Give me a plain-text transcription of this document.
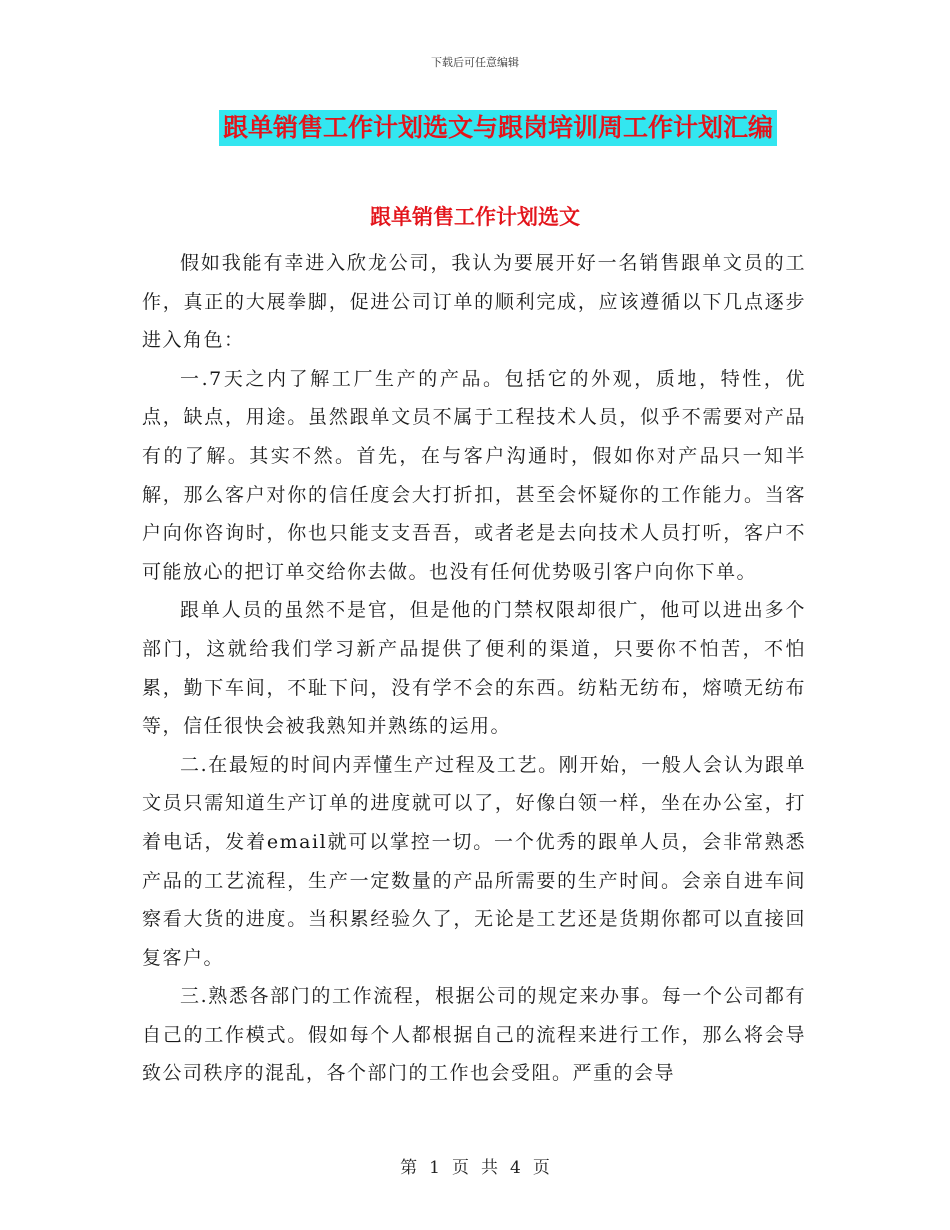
下载后可任意编辑
跟单销售工作计划选文与跟岗培训周工作计划汇编
跟单销售工作计划选文

假如我能有幸进入欣龙公司，我认为要展开好一名销售跟单文员的工作，真正的大展拳脚，促进公司订单的顺利完成，应该遵循以下几点逐步进入角色：

一.7天之内了解工厂生产的产品。包括它的外观，质地，特性，优点，缺点，用途。虽然跟单文员不属于工程技术人员，似乎不需要对产品有的了解。其实不然。首先，在与客户沟通时，假如你对产品只一知半解，那么客户对你的信任度会大打折扣，甚至会怀疑你的工作能力。当客户向你咨询时，你也只能支支吾吾，或者老是去向技术人员打听，客户不可能放心的把订单交给你去做。也没有任何优势吸引客户向你下单。

跟单人员的虽然不是官，但是他的门禁权限却很广，他可以进出多个部门，这就给我们学习新产品提供了便利的渠道，只要你不怕苦，不怕累，勤下车间，不耻下问，没有学不会的东西。纺粘无纺布，熔喷无纺布等，信任很快会被我熟知并熟练的运用。

二.在最短的时间内弄懂生产过程及工艺。刚开始，一般人会认为跟单文员只需知道生产订单的进度就可以了，好像白领一样，坐在办公室，打着电话，发着email就可以掌控一切。一个优秀的跟单人员，会非常熟悉产品的工艺流程，生产一定数量的产品所需要的生产时间。会亲自进车间察看大货的进度。当积累经验久了，无论是工艺还是货期你都可以直接回复客户。

三.熟悉各部门的工作流程，根据公司的规定来办事。每一个公司都有自己的工作模式。假如每个人都根据自己的流程来进行工作，那么将会导致公司秩序的混乱，各个部门的工作也会受阻。严重的会导

第 1 页 共 4 页
